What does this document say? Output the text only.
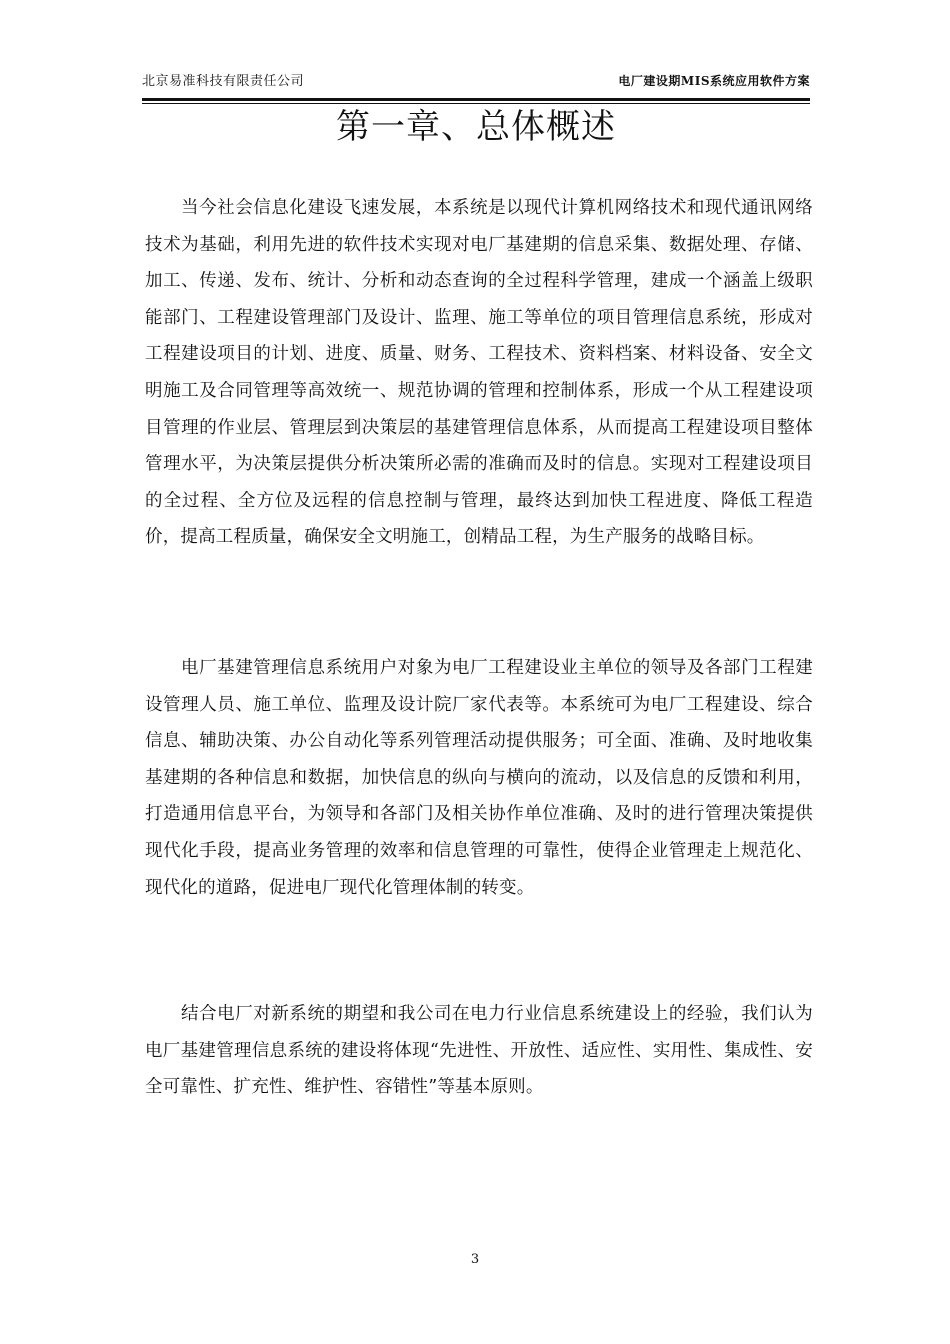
北京易准科技有限责任公司	电厂建设期MIS系统应用软件方案
第一章、总体概述

当今社会信息化建设飞速发展，本系统是以现代计算机网络技术和现代通讯网络技术为基础，利用先进的软件技术实现对电厂基建期的信息采集、数据处理、存储、加工、传递、发布、统计、分析和动态查询的全过程科学管理，建成一个涵盖上级职能部门、工程建设管理部门及设计、监理、施工等单位的项目管理信息系统，形成对工程建设项目的计划、进度、质量、财务、工程技术、资料档案、材料设备、安全文明施工及合同管理等高效统一、规范协调的管理和控制体系，形成一个从工程建设项目管理的作业层、管理层到决策层的基建管理信息体系，从而提高工程建设项目整体管理水平，为决策层提供分析决策所必需的准确而及时的信息。实现对工程建设项目的全过程、全方位及远程的信息控制与管理，最终达到加快工程进度、降低工程造价，提高工程质量，确保安全文明施工，创精品工程，为生产服务的战略目标。

电厂基建管理信息系统用户对象为电厂工程建设业主单位的领导及各部门工程建设管理人员、施工单位、监理及设计院厂家代表等。本系统可为电厂工程建设、综合信息、辅助决策、办公自动化等系列管理活动提供服务；可全面、准确、及时地收集基建期的各种信息和数据，加快信息的纵向与横向的流动，以及信息的反馈和利用，打造通用信息平台，为领导和各部门及相关协作单位准确、及时的进行管理决策提供现代化手段，提高业务管理的效率和信息管理的可靠性，使得企业管理走上规范化、现代化的道路，促进电厂现代化管理体制的转变。

结合电厂对新系统的期望和我公司在电力行业信息系统建设上的经验，我们认为电厂基建管理信息系统的建设将体现“先进性、开放性、适应性、实用性、集成性、安全可靠性、扩充性、维护性、容错性”等基本原则。

3
